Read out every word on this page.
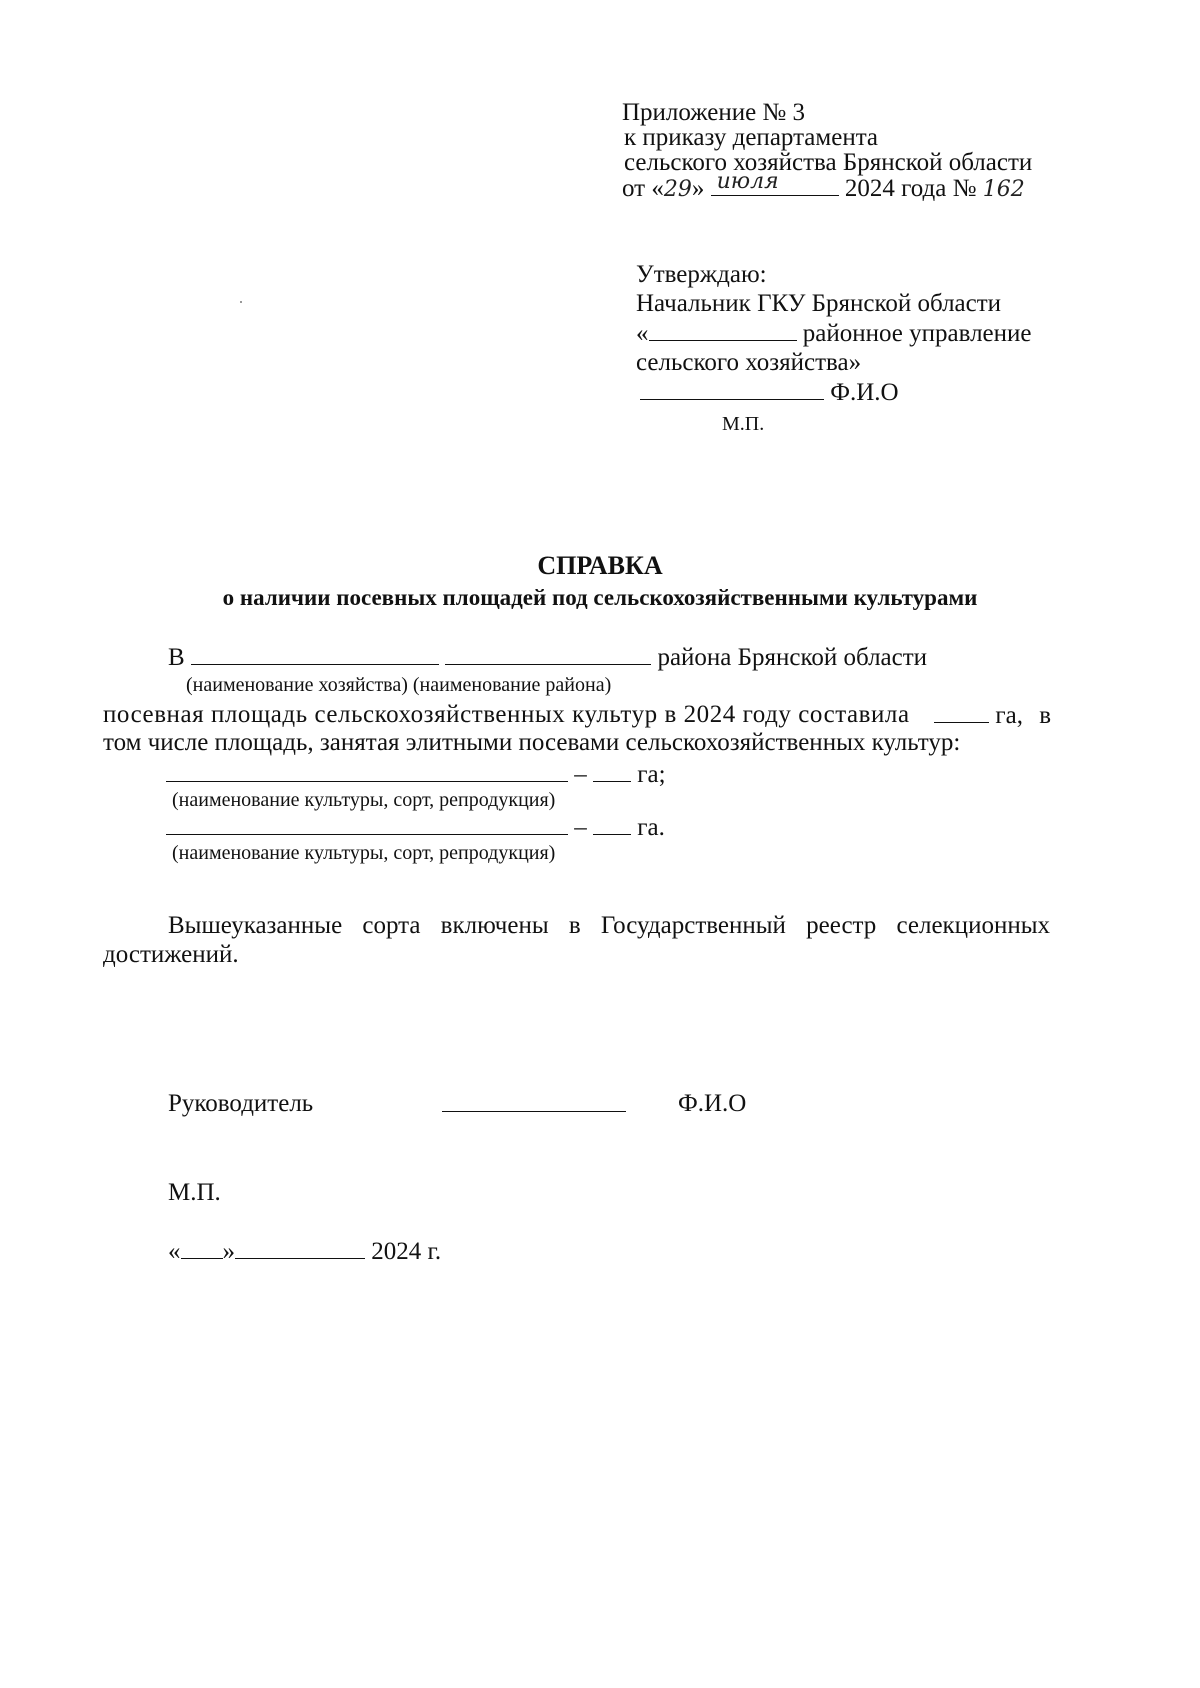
Приложение № 3
к приказу департамента
сельского хозяйства Брянской области
от «29» июля	2024 года № 162
Утверждаю:
Начальник ГКУ Брянской области
«	районное управление
сельского хозяйства»
Ф.И.О
М.П.
СПРАВКА
о наличии посевных площадей под сельскохозяйственными культурами
В	района Брянской области
(наименование хозяйства) (наименование района)
посевная площадь сельскохозяйственных культур в 2024 году составила	га, в
том числе площадь, занятая элитными посевами сельскохозяйственных культур:
– га;
(наименование культуры, сорт, репродукция)
– га.
(наименование культуры, сорт, репродукция)
Вышеуказанные сорта включены в Государственный реестр селекционных
достижений.
Руководитель	Ф.И.О
М.П.
« »	2024 г.
